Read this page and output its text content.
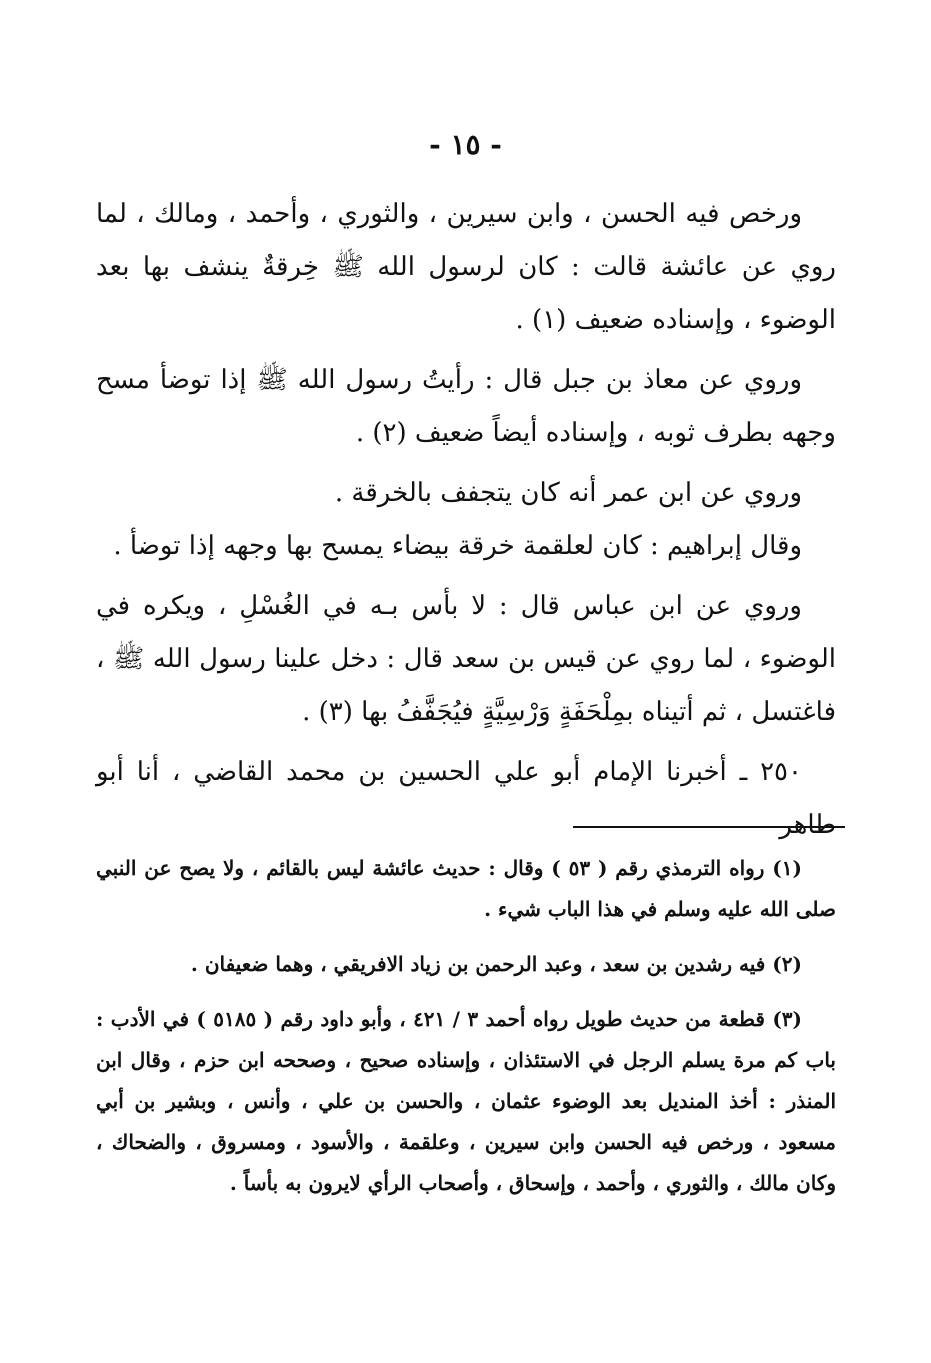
- ١٥ -

ورخص فيه الحسن ، وابن سيرين ، والثوري ، وأحمد ، ومالك ، لما روي عن عائشة قالت : كان لرسول الله ﷺ خِرقةٌ ينشف بها بعد الوضوء ، وإسناده ضعيف (١) .

وروي عن معاذ بن جبل قال : رأيتُ رسول الله ﷺ إذا توضأ مسح وجهه بطرف ثوبه ، وإسناده أيضاً ضعيف (٢) .

وروي عن ابن عمر أنه كان يتجفف بالخرقة .

وقال إبراهيم : كان لعلقمة خرقة بيضاء يمسح بها وجهه إذا توضأ .

وروي عن ابن عباس قال : لا بأس بـه في الغُسْلِ ، ويكره في الوضوء ، لما روي عن قيس بن سعد قال : دخل علينا رسول الله ﷺ ، فاغتسل ، ثم أتيناه بمِلْحَفَةٍ وَرْسِيَّةٍ فيُجَفَّفُ بها (٣) .

٢٥٠ ـ أخبرنا الإمام أبو علي الحسين بن محمد القاضي ، أنا أبو طاهر

(١) رواه الترمذي رقم ( ٥٣ ) وقال : حديث عائشة ليس بالقائم ، ولا يصح عن النبي صلى الله عليه وسلم في هذا الباب شيء .

(٢) فيه رشدين بن سعد ، وعبد الرحمن بن زياد الافريقي ، وهما ضعيفان .

(٣) قطعة من حديث طويل رواه أحمد ٣ / ٤٢١ ، وأبو داود رقم ( ٥١٨٥ ) في الأدب : باب كم مرة يسلم الرجل في الاستئذان ، وإسناده صحيح ، وصححه ابن حزم ، وقال ابن المنذر : أخذ المنديل بعد الوضوء عثمان ، والحسن بن علي ، وأنس ، وبشير بن أبي مسعود ، ورخص فيه الحسن وابن سيرين ، وعلقمة ، والأسود ، ومسروق ، والضحاك ، وكان مالك ، والثوري ، وأحمد ، وإسحاق ، وأصحاب الرأي لايرون به بأساً .
